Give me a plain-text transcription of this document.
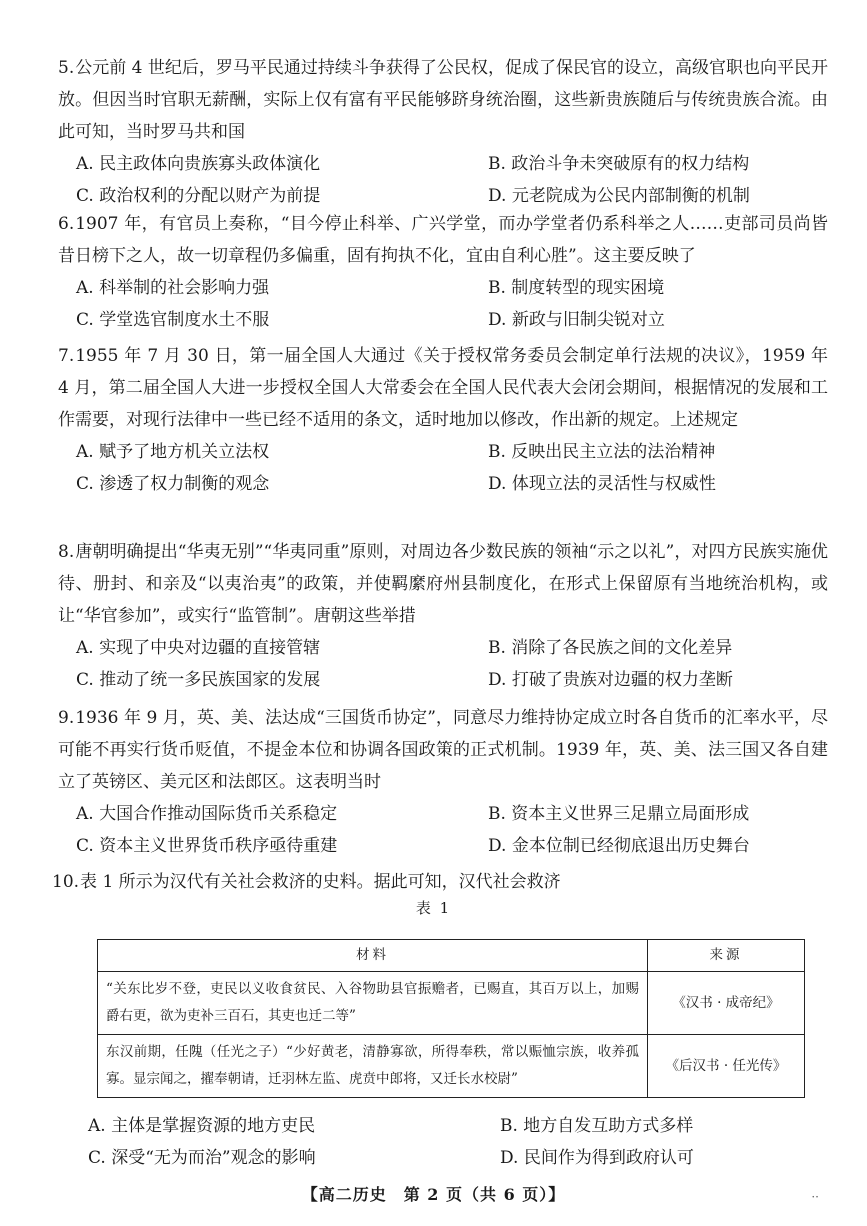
5.公元前 4 世纪后，罗马平民通过持续斗争获得了公民权，促成了保民官的设立，高级官职也向平民开放。但因当时官职无薪酬，实际上仅有富有平民能够跻身统治圈，这些新贵族随后与传统贵族合流。由此可知，当时罗马共和国

A. 民主政体向贵族寡头政体演化	B. 政治斗争未突破原有的权力结构
C. 政治权利的分配以财产为前提	D. 元老院成为公民内部制衡的机制

6.1907 年，有官员上奏称，“目今停止科举、广兴学堂，而办学堂者仍系科举之人……吏部司员尚皆昔日榜下之人，故一切章程仍多偏重，固有拘执不化，宜由自利心胜”。这主要反映了

A. 科举制的社会影响力强	B. 制度转型的现实困境
C. 学堂选官制度水土不服	D. 新政与旧制尖锐对立

7.1955 年 7 月 30 日，第一届全国人大通过《关于授权常务委员会制定单行法规的决议》，1959 年 4 月，第二届全国人大进一步授权全国人大常委会在全国人民代表大会闭会期间，根据情况的发展和工作需要，对现行法律中一些已经不适用的条文，适时地加以修改，作出新的规定。上述规定

A. 赋予了地方机关立法权	B. 反映出民主立法的法治精神
C. 渗透了权力制衡的观念	D. 体现立法的灵活性与权威性

8.唐朝明确提出“华夷无别”“华夷同重”原则，对周边各少数民族的领袖“示之以礼”，对四方民族实施优待、册封、和亲及“以夷治夷”的政策，并使羁縻府州县制度化，在形式上保留原有当地统治机构，或让“华官参加”，或实行“监管制”。唐朝这些举措

A. 实现了中央对边疆的直接管辖	B. 消除了各民族之间的文化差异
C. 推动了统一多民族国家的发展	D. 打破了贵族对边疆的权力垄断

9.1936 年 9 月，英、美、法达成“三国货币协定”，同意尽力维持协定成立时各自货币的汇率水平，尽可能不再实行货币贬值，不提金本位和协调各国政策的正式机制。1939 年，英、美、法三国又各自建立了英镑区、美元区和法郎区。这表明当时

A. 大国合作推动国际货币关系稳定	B. 资本主义世界三足鼎立局面形成
C. 资本主义世界货币秩序亟待重建	D. 金本位制已经彻底退出历史舞台

10.表 1 所示为汉代有关社会救济的史料。据此可知，汉代社会救济

表 1
材料	来源
“关东比岁不登，吏民以义收食贫民、入谷物助县官振赡者，已赐直，其百万以上，加赐爵右更，欲为吏补三百石，其吏也迁二等”	《汉书 · 成帝纪》
东汉前期，任隗（任光之子）“少好黄老，清静寡欲，所得奉秩，常以赈恤宗族，收养孤寡。显宗闻之，擢奉朝请，迁羽林左监、虎贲中郎将，又迁长水校尉”	《后汉书 · 任光传》
A. 主体是掌握资源的地方吏民	B. 地方自发互助方式多样
C. 深受“无为而治”观念的影响	D. 民间作为得到政府认可
【高二历史　第 2 页（共 6 页）】	··
